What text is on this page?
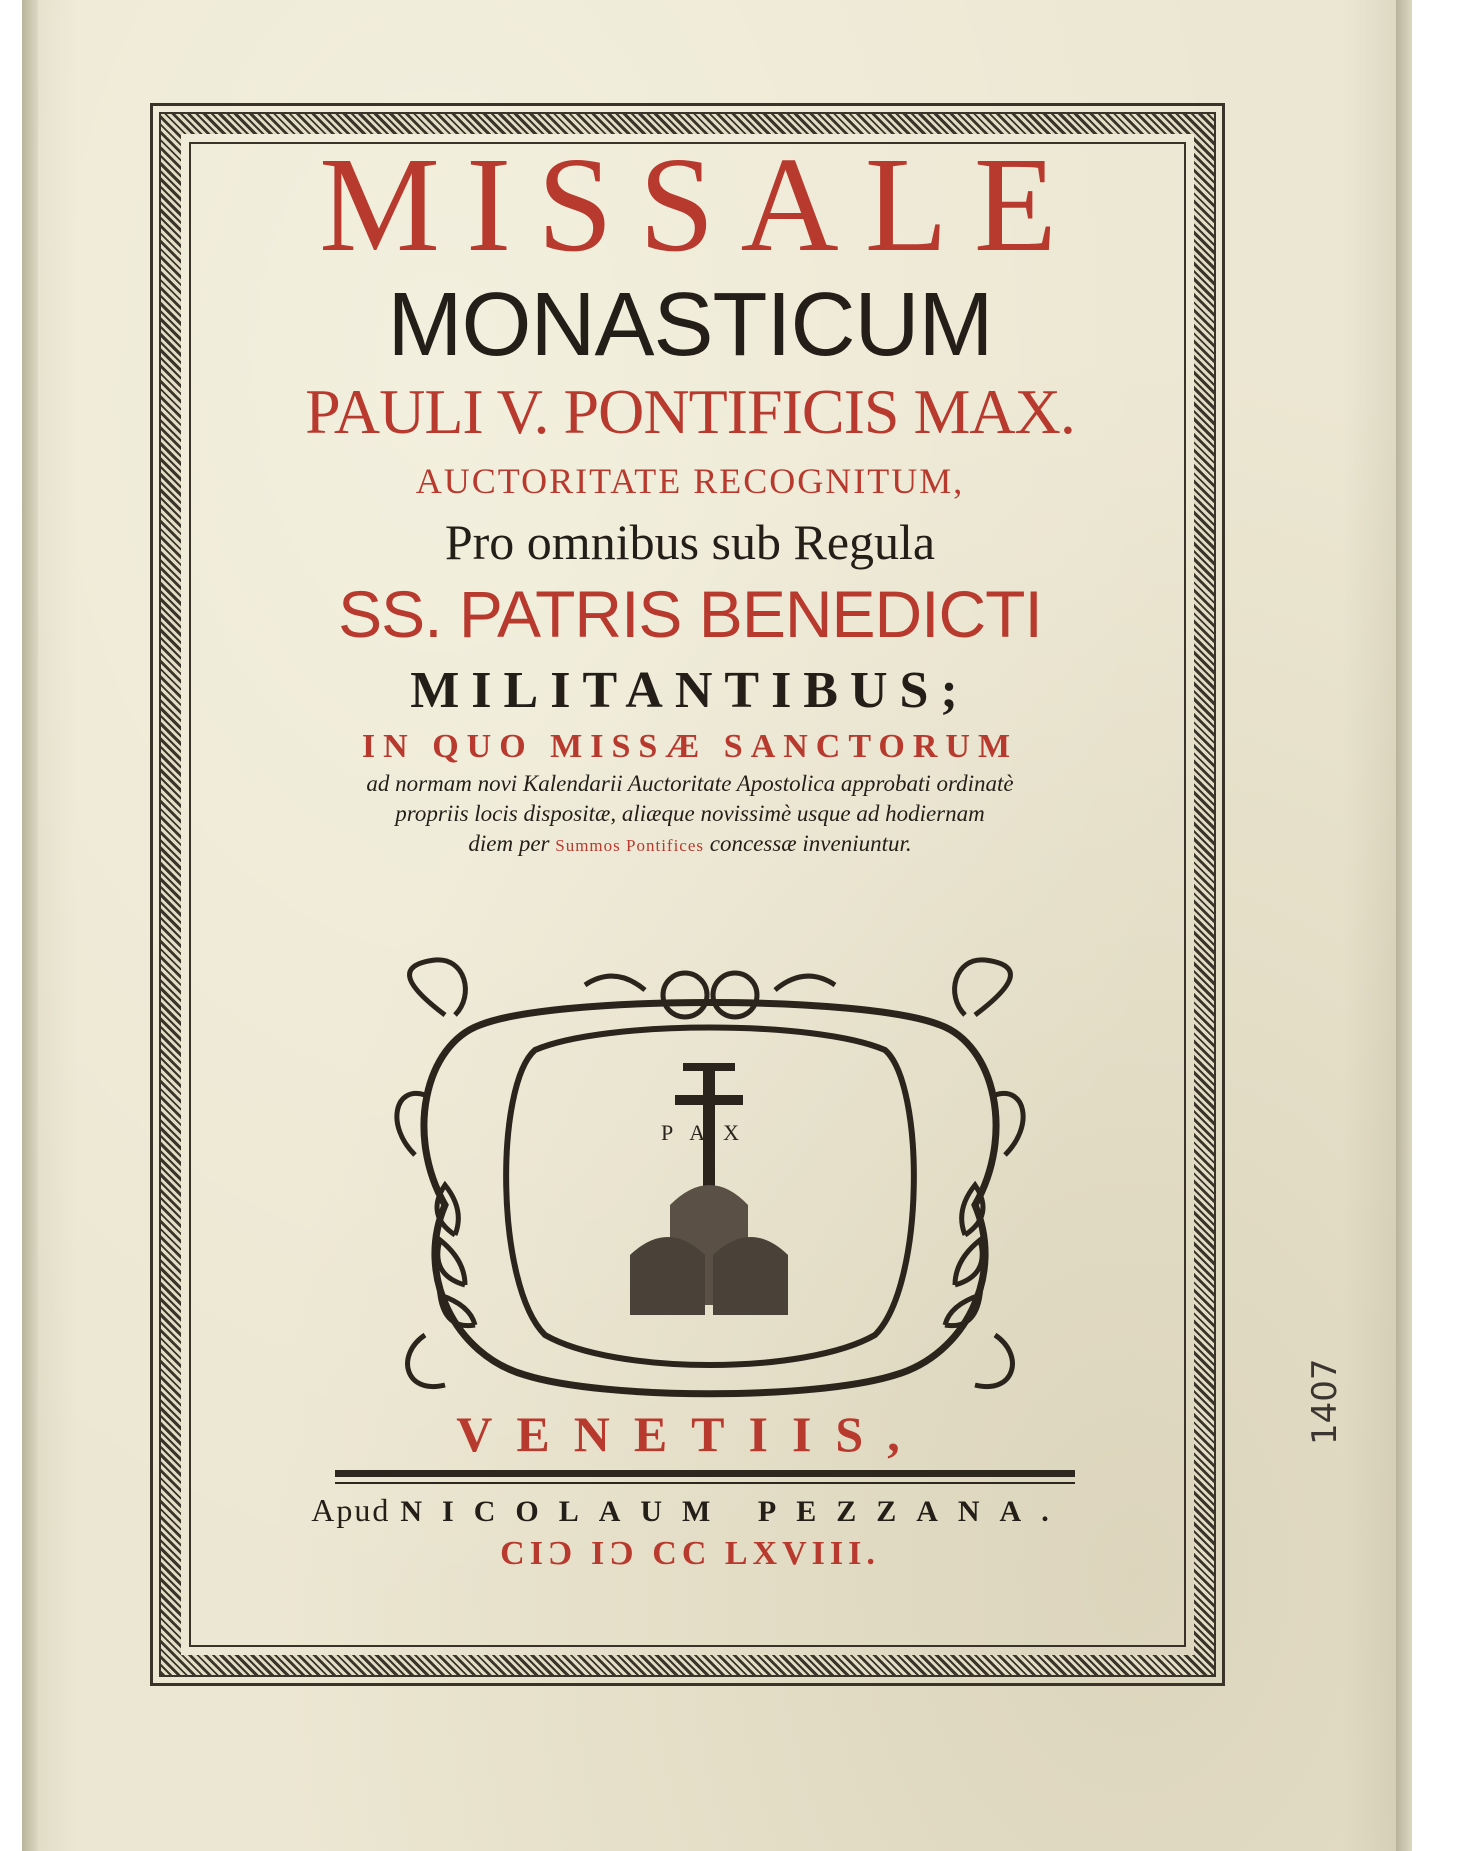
MISSALE
MONASTICUM
PAULI V. PONTIFICIS MAX.
AUCTORITATE RECOGNITUM,
Pro omnibus sub Regula
SS. PATRIS BENEDICTI
MILITANTIBUS;
IN QUO MISSÆ SANCTORUM
ad normam novi Kalendarii Auctoritate Apostolica approbati ordinatè
propriis locis dispositæ, aliæque novissimè usque ad hodiernam
diem per Summos Pontifices concessæ inveniuntur.
PAX
VENETIIS,
Apud NICOLAUM PEZZANA.
CIϽ IϽ CC LXVIII.
